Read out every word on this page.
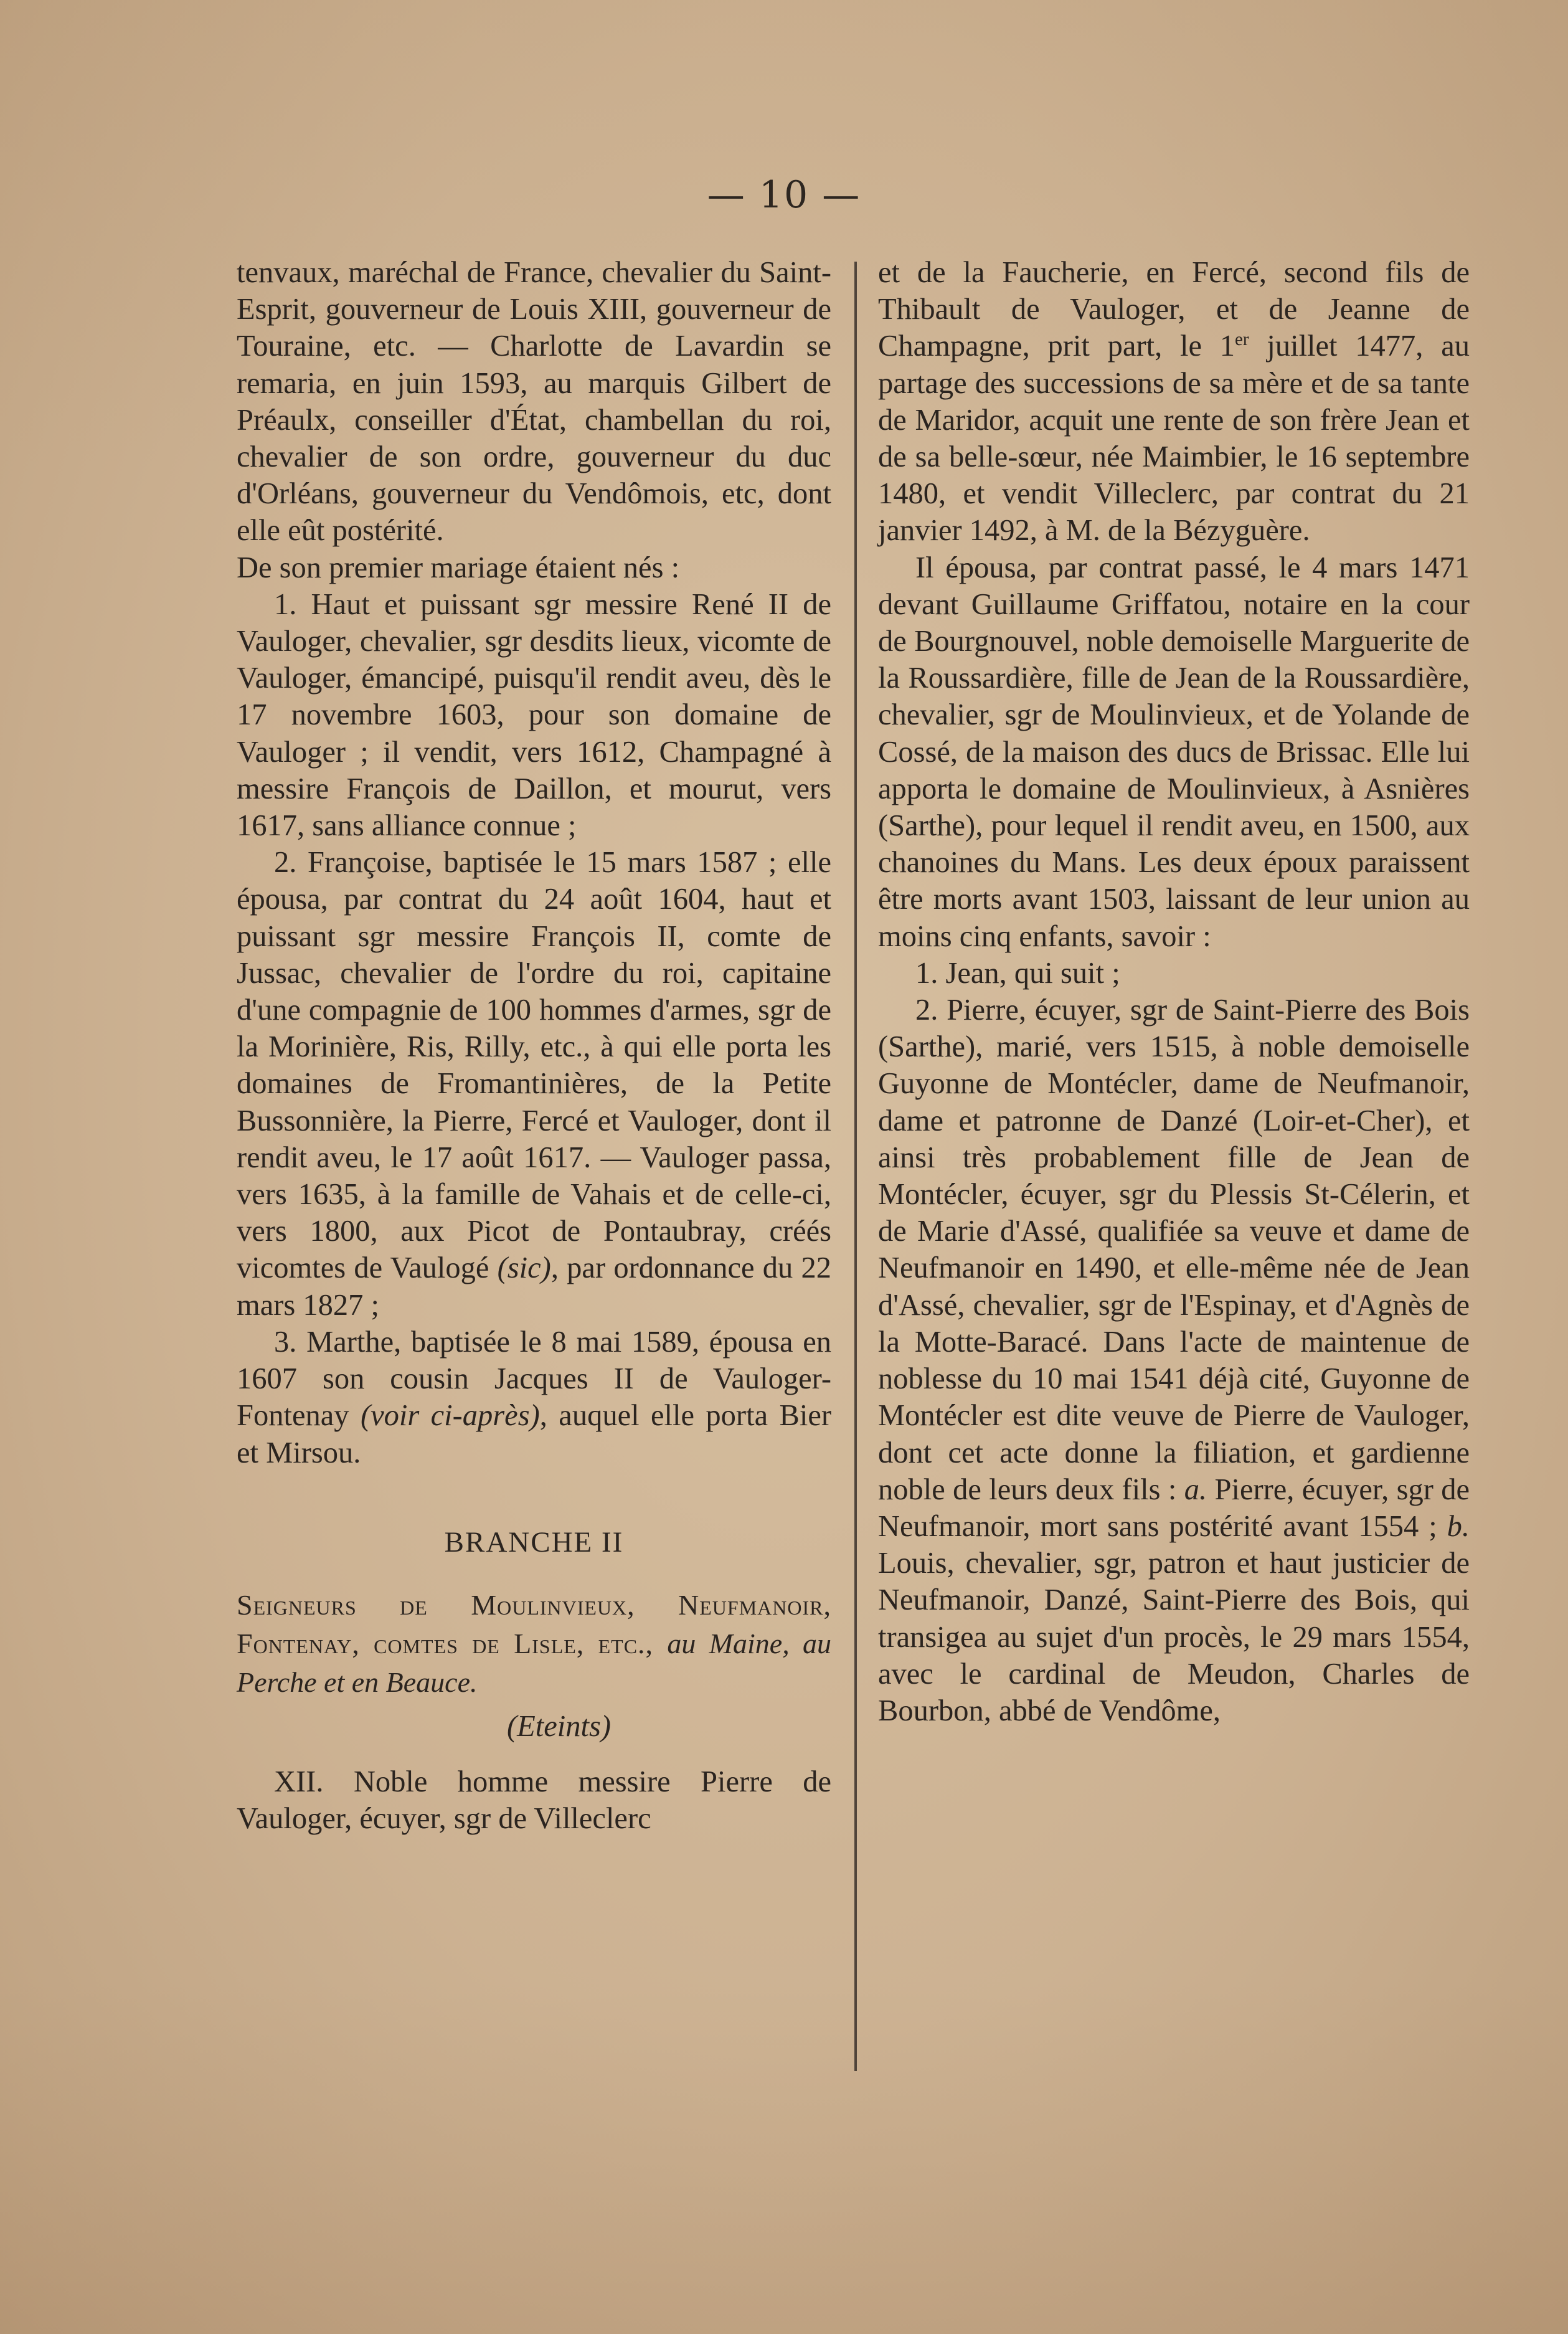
— 10 —

tenvaux, maréchal de France, chevalier du Saint-Esprit, gouverneur de Louis XIII, gouverneur de Touraine, etc. — Charlotte de Lavardin se remaria, en juin 1593, au marquis Gilbert de Préaulx, conseiller d'État, chambellan du roi, chevalier de son ordre, gouverneur du duc d'Orléans, gouverneur du Vendômois, etc, dont elle eût postérité.

De son premier mariage étaient nés :

1. Haut et puissant sgr messire René II de Vauloger, chevalier, sgr desdits lieux, vicomte de Vauloger, émancipé, puisqu'il rendit aveu, dès le 17 novembre 1603, pour son domaine de Vauloger ; il vendit, vers 1612, Champagné à messire François de Daillon, et mourut, vers 1617, sans alliance connue ;

2. Françoise, baptisée le 15 mars 1587 ; elle épousa, par contrat du 24 août 1604, haut et puissant sgr messire François II, comte de Jussac, chevalier de l'ordre du roi, capitaine d'une compagnie de 100 hommes d'armes, sgr de la Morinière, Ris, Rilly, etc., à qui elle porta les domaines de Fromantinières, de la Petite Bussonnière, la Pierre, Fercé et Vauloger, dont il rendit aveu, le 17 août 1617. — Vauloger passa, vers 1635, à la famille de Vahais et de celle-ci, vers 1800, aux Picot de Pontaubray, créés vicomtes de Vaulogé (sic), par ordonnance du 22 mars 1827 ;

3. Marthe, baptisée le 8 mai 1589, épousa en 1607 son cousin Jacques II de Vauloger-Fontenay (voir ci-après), auquel elle porta Bier et Mirsou.

BRANCHE II

Seigneurs de Moulinvieux, Neufmanoir, Fontenay, comtes de Lisle, etc., au Maine, au Perche et en Beauce.

(Eteints)

XII. Noble homme messire Pierre de Vauloger, écuyer, sgr de Villeclerc

et de la Faucherie, en Fercé, second fils de Thibault de Vauloger, et de Jeanne de Champagne, prit part, le 1er juillet 1477, au partage des successions de sa mère et de sa tante de Maridor, acquit une rente de son frère Jean et de sa belle-sœur, née Maimbier, le 16 septembre 1480, et vendit Villeclerc, par contrat du 21 janvier 1492, à M. de la Bézyguère.

Il épousa, par contrat passé, le 4 mars 1471 devant Guillaume Griffatou, notaire en la cour de Bourgnouvel, noble demoiselle Marguerite de la Roussardière, fille de Jean de la Roussardière, chevalier, sgr de Moulinvieux, et de Yolande de Cossé, de la maison des ducs de Brissac. Elle lui apporta le domaine de Moulinvieux, à Asnières (Sarthe), pour lequel il rendit aveu, en 1500, aux chanoines du Mans. Les deux époux paraissent être morts avant 1503, laissant de leur union au moins cinq enfants, savoir :

1. Jean, qui suit ;

2. Pierre, écuyer, sgr de Saint-Pierre des Bois (Sarthe), marié, vers 1515, à noble demoiselle Guyonne de Montécler, dame de Neufmanoir, dame et patronne de Danzé (Loir-et-Cher), et ainsi très probablement fille de Jean de Montécler, écuyer, sgr du Plessis St-Célerin, et de Marie d'Assé, qualifiée sa veuve et dame de Neufmanoir en 1490, et elle-même née de Jean d'Assé, chevalier, sgr de l'Espinay, et d'Agnès de la Motte-Baracé. Dans l'acte de maintenue de noblesse du 10 mai 1541 déjà cité, Guyonne de Montécler est dite veuve de Pierre de Vauloger, dont cet acte donne la filiation, et gardienne noble de leurs deux fils : a. Pierre, écuyer, sgr de Neufmanoir, mort sans postérité avant 1554 ; b. Louis, chevalier, sgr, patron et haut justicier de Neufmanoir, Danzé, Saint-Pierre des Bois, qui transigea au sujet d'un procès, le 29 mars 1554, avec le cardinal de Meudon, Charles de Bourbon, abbé de Vendôme,
